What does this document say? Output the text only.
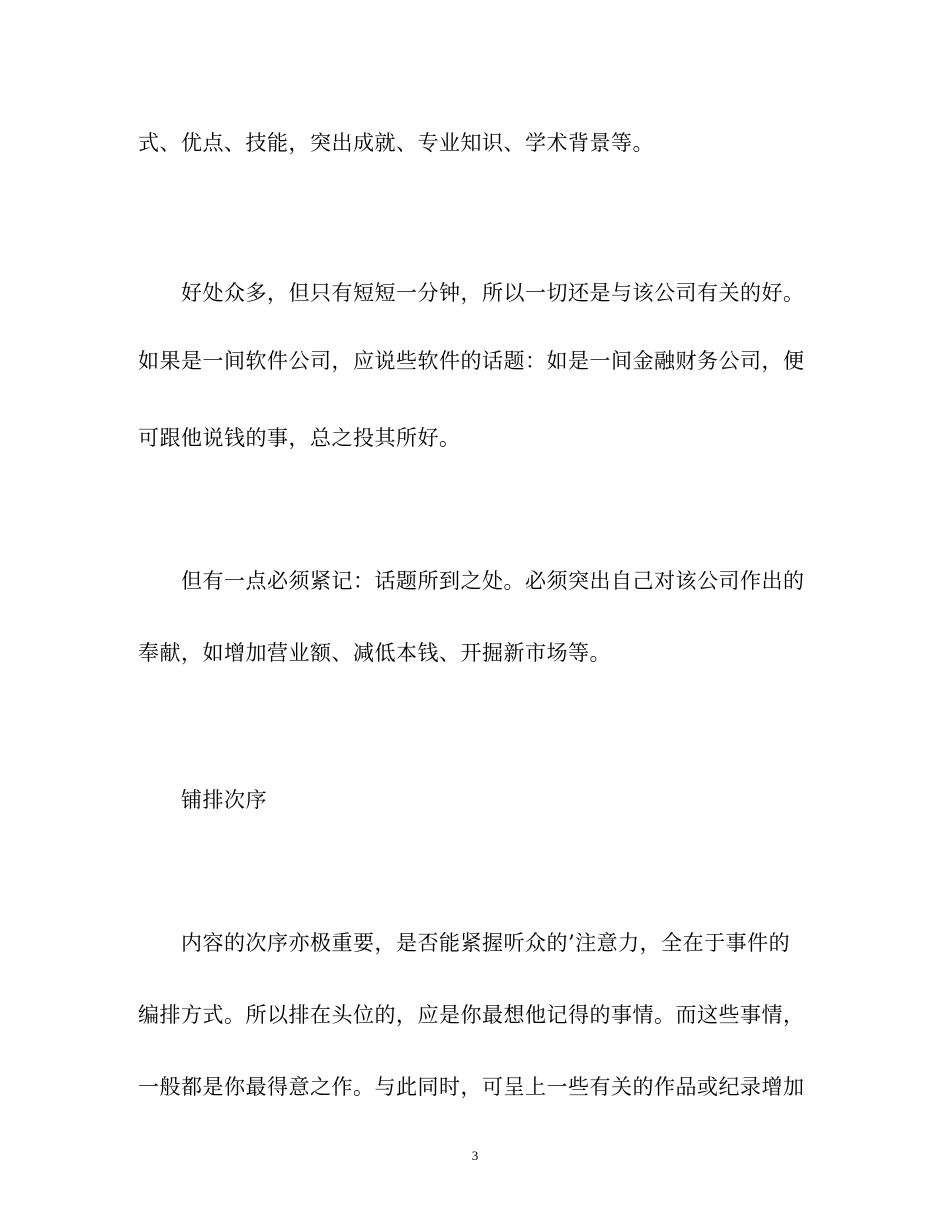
式、优点、技能，突出成就、专业知识、学术背景等。
好处众多，但只有短短一分钟，所以一切还是与该公司有关的好。
如果是一间软件公司，应说些软件的话题：如是一间金融财务公司，便
可跟他说钱的事，总之投其所好。
但有一点必须紧记：话题所到之处。必须突出自己对该公司作出的
奉献，如增加营业额、减低本钱、开掘新市场等。
铺排次序
内容的次序亦极重要，是否能紧握听众的’注意力，全在于事件的
编排方式。所以排在头位的，应是你最想他记得的事情。而这些事情，
一般都是你最得意之作。与此同时，可呈上一些有关的作品或纪录增加
3
